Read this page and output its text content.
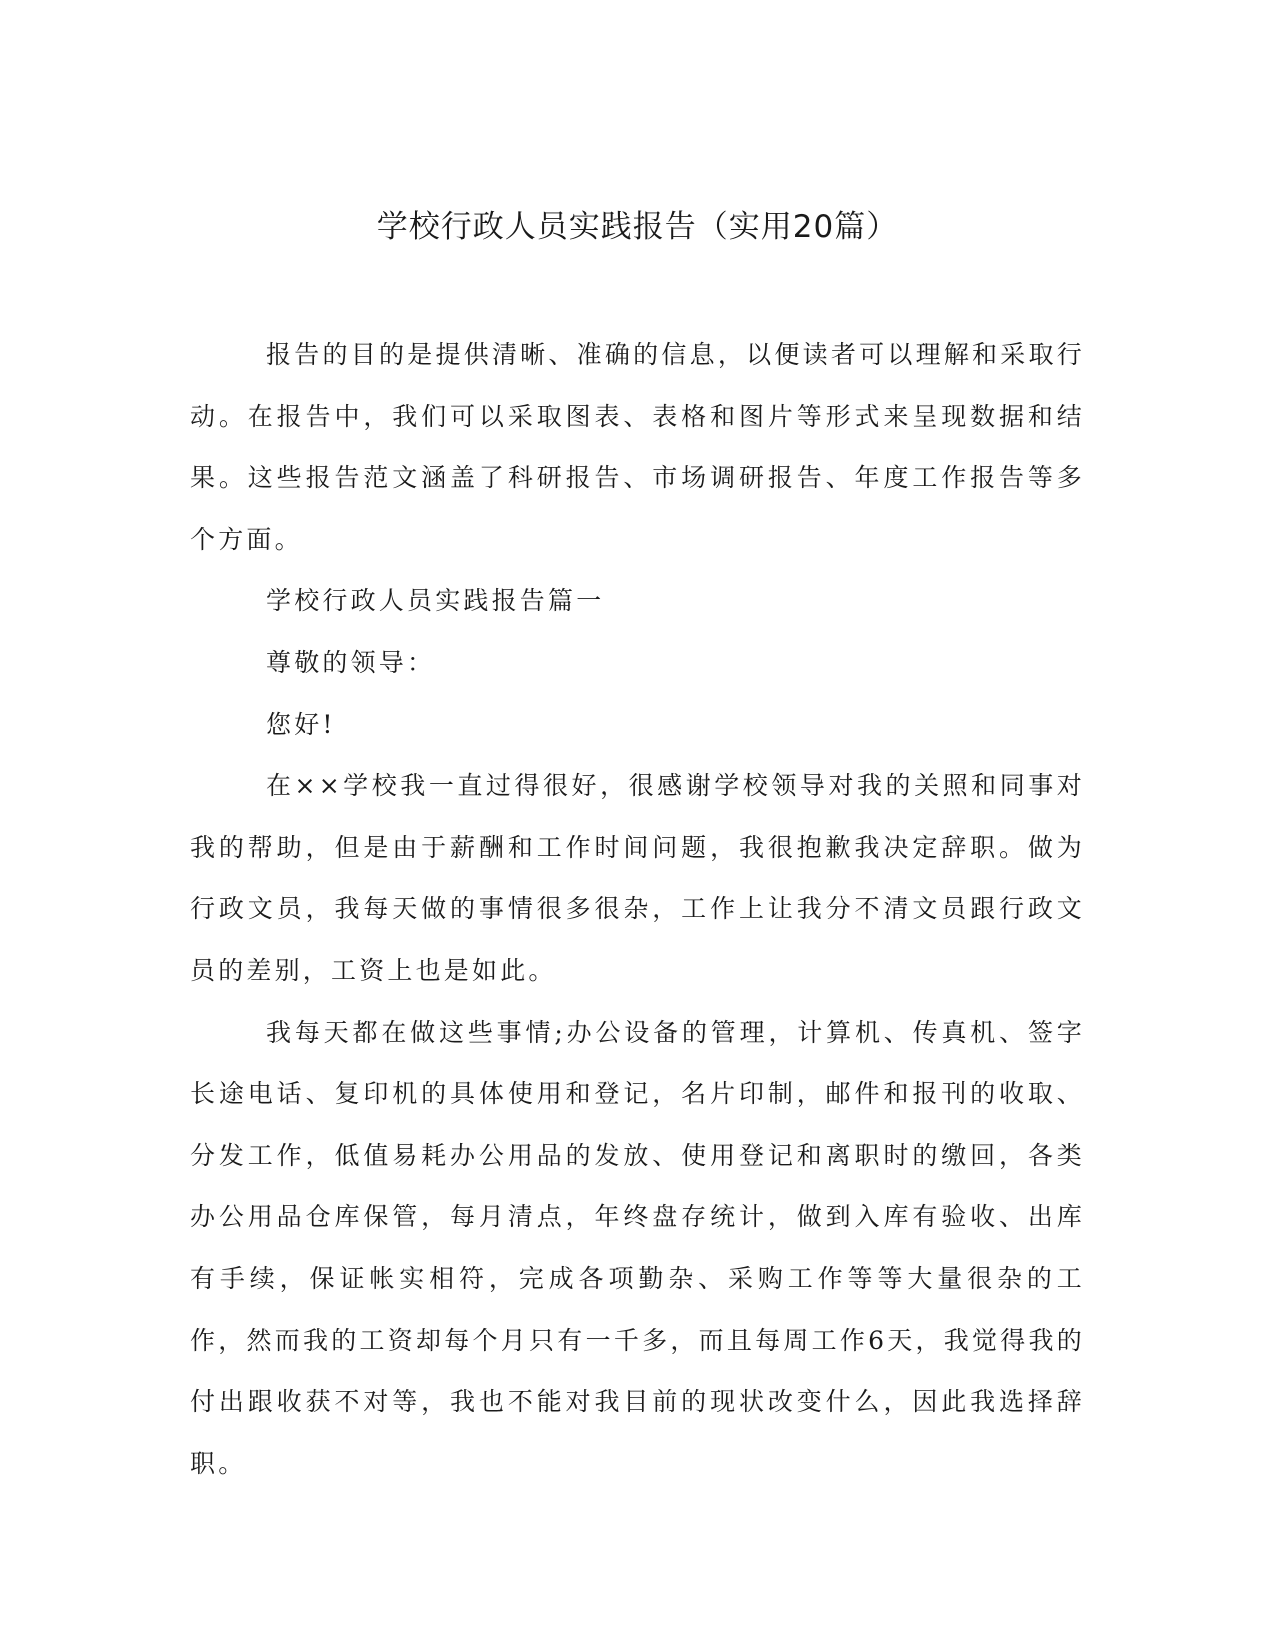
学校行政人员实践报告（实用20篇）

报告的目的是提供清晰、准确的信息，以便读者可以理解和采取行动。在报告中，我们可以采取图表、表格和图片等形式来呈现数据和结果。这些报告范文涵盖了科研报告、市场调研报告、年度工作报告等多个方面。

学校行政人员实践报告篇一

尊敬的领导：

您好!

在××学校我一直过得很好，很感谢学校领导对我的关照和同事对我的帮助，但是由于薪酬和工作时间问题，我很抱歉我决定辞职。做为行政文员，我每天做的事情很多很杂，工作上让我分不清文员跟行政文员的差别，工资上也是如此。

我每天都在做这些事情;办公设备的管理，计算机、传真机、签字长途电话、复印机的具体使用和登记，名片印制，邮件和报刊的收取、分发工作，低值易耗办公用品的发放、使用登记和离职时的缴回，各类办公用品仓库保管，每月清点，年终盘存统计，做到入库有验收、出库有手续，保证帐实相符，完成各项勤杂、采购工作等等大量很杂的工作，然而我的工资却每个月只有一千多，而且每周工作6天，我觉得我的付出跟收获不对等，我也不能对我目前的现状改变什么，因此我选择辞职。
